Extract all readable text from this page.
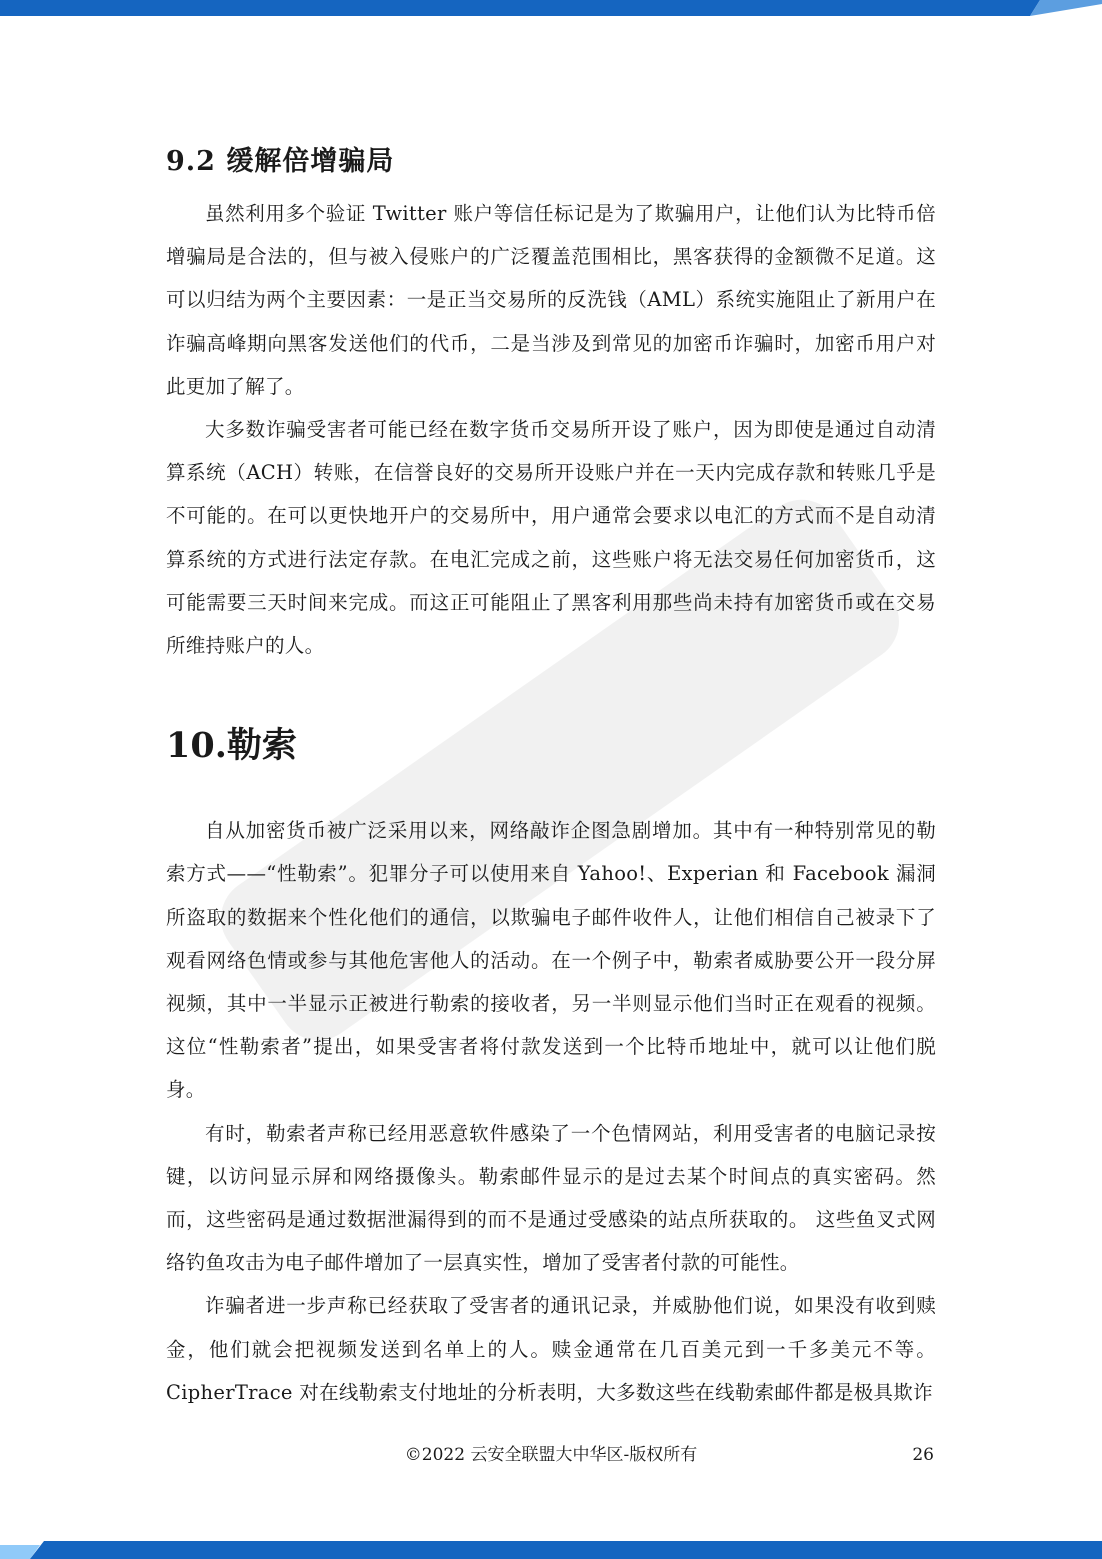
9.2 缓解倍增骗局

虽然利用多个验证 Twitter 账户等信任标记是为了欺骗用户，让他们认为比特币倍增骗局是合法的，但与被入侵账户的广泛覆盖范围相比，黑客获得的金额微不足道。这可以归结为两个主要因素：一是正当交易所的反洗钱（AML）系统实施阻止了新用户在诈骗高峰期向黑客发送他们的代币，二是当涉及到常见的加密币诈骗时，加密币用户对此更加了解了。

大多数诈骗受害者可能已经在数字货币交易所开设了账户，因为即使是通过自动清算系统（ACH）转账，在信誉良好的交易所开设账户并在一天内完成存款和转账几乎是不可能的。在可以更快地开户的交易所中，用户通常会要求以电汇的方式而不是自动清算系统的方式进行法定存款。在电汇完成之前，这些账户将无法交易任何加密货币，这可能需要三天时间来完成。而这正可能阻止了黑客利用那些尚未持有加密货币或在交易所维持账户的人。

10.勒索

自从加密货币被广泛采用以来，网络敲诈企图急剧增加。其中有一种特别常见的勒索方式——“性勒索”。犯罪分子可以使用来自 Yahoo!、Experian 和 Facebook 漏洞所盗取的数据来个性化他们的通信，以欺骗电子邮件收件人，让他们相信自己被录下了观看网络色情或参与其他危害他人的活动。在一个例子中，勒索者威胁要公开一段分屏视频，其中一半显示正被进行勒索的接收者，另一半则显示他们当时正在观看的视频。这位“性勒索者”提出，如果受害者将付款发送到一个比特币地址中，就可以让他们脱身。

有时，勒索者声称已经用恶意软件感染了一个色情网站，利用受害者的电脑记录按键，以访问显示屏和网络摄像头。勒索邮件显示的是过去某个时间点的真实密码。然而，这些密码是通过数据泄漏得到的而不是通过受感染的站点所获取的。 这些鱼叉式网络钓鱼攻击为电子邮件增加了一层真实性，增加了受害者付款的可能性。

诈骗者进一步声称已经获取了受害者的通讯记录，并威胁他们说，如果没有收到赎金，他们就会把视频发送到名单上的人。赎金通常在几百美元到一千多美元不等。CipherTrace 对在线勒索支付地址的分析表明，大多数这些在线勒索邮件都是极具欺诈

©2022 云安全联盟大中华区-版权所有	26
